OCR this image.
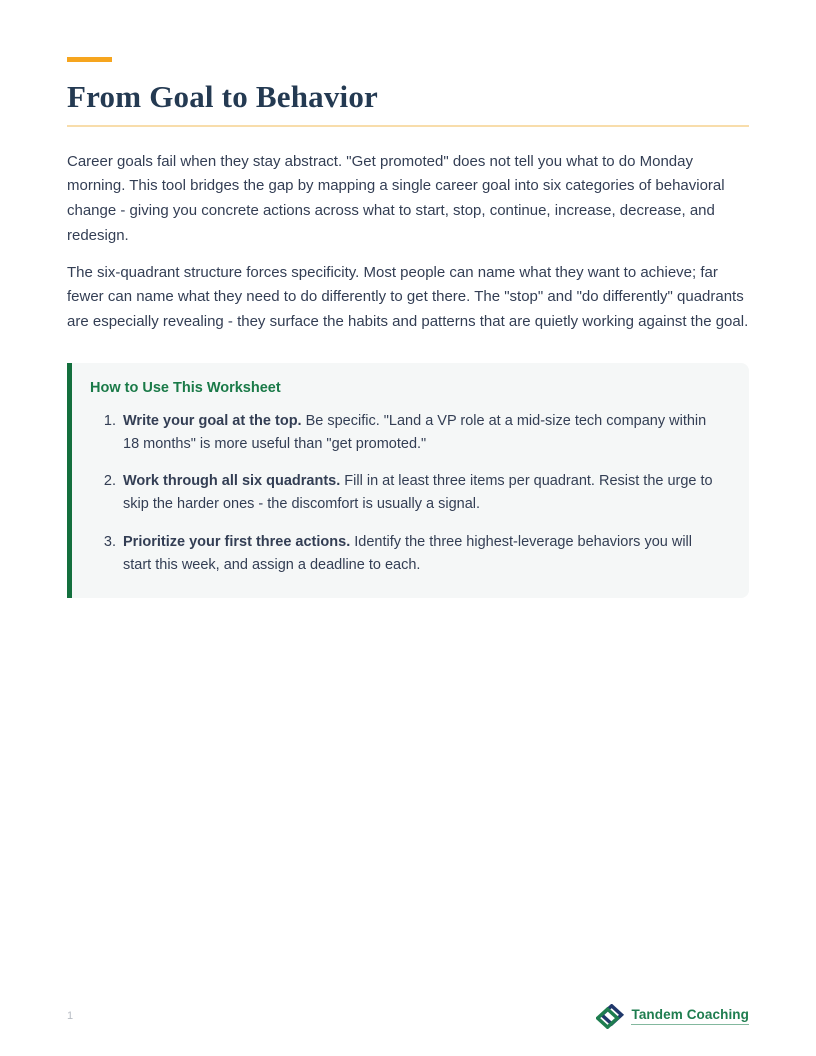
From Goal to Behavior

Career goals fail when they stay abstract. "Get promoted" does not tell you what to do Monday morning. This tool bridges the gap by mapping a single career goal into six categories of behavioral change - giving you concrete actions across what to start, stop, continue, increase, decrease, and redesign.

The six-quadrant structure forces specificity. Most people can name what they want to achieve; far fewer can name what they need to do differently to get there. The "stop" and "do differently" quadrants are especially revealing - they surface the habits and patterns that are quietly working against the goal.

How to Use This Worksheet
1. Write your goal at the top. Be specific. "Land a VP role at a mid-size tech company within 18 months" is more useful than "get promoted."
2. Work through all six quadrants. Fill in at least three items per quadrant. Resist the urge to skip the harder ones - the discomfort is usually a signal.
3. Prioritize your first three actions. Identify the three highest-leverage behaviors you will start this week, and assign a deadline to each.
1	Tandem Coaching
